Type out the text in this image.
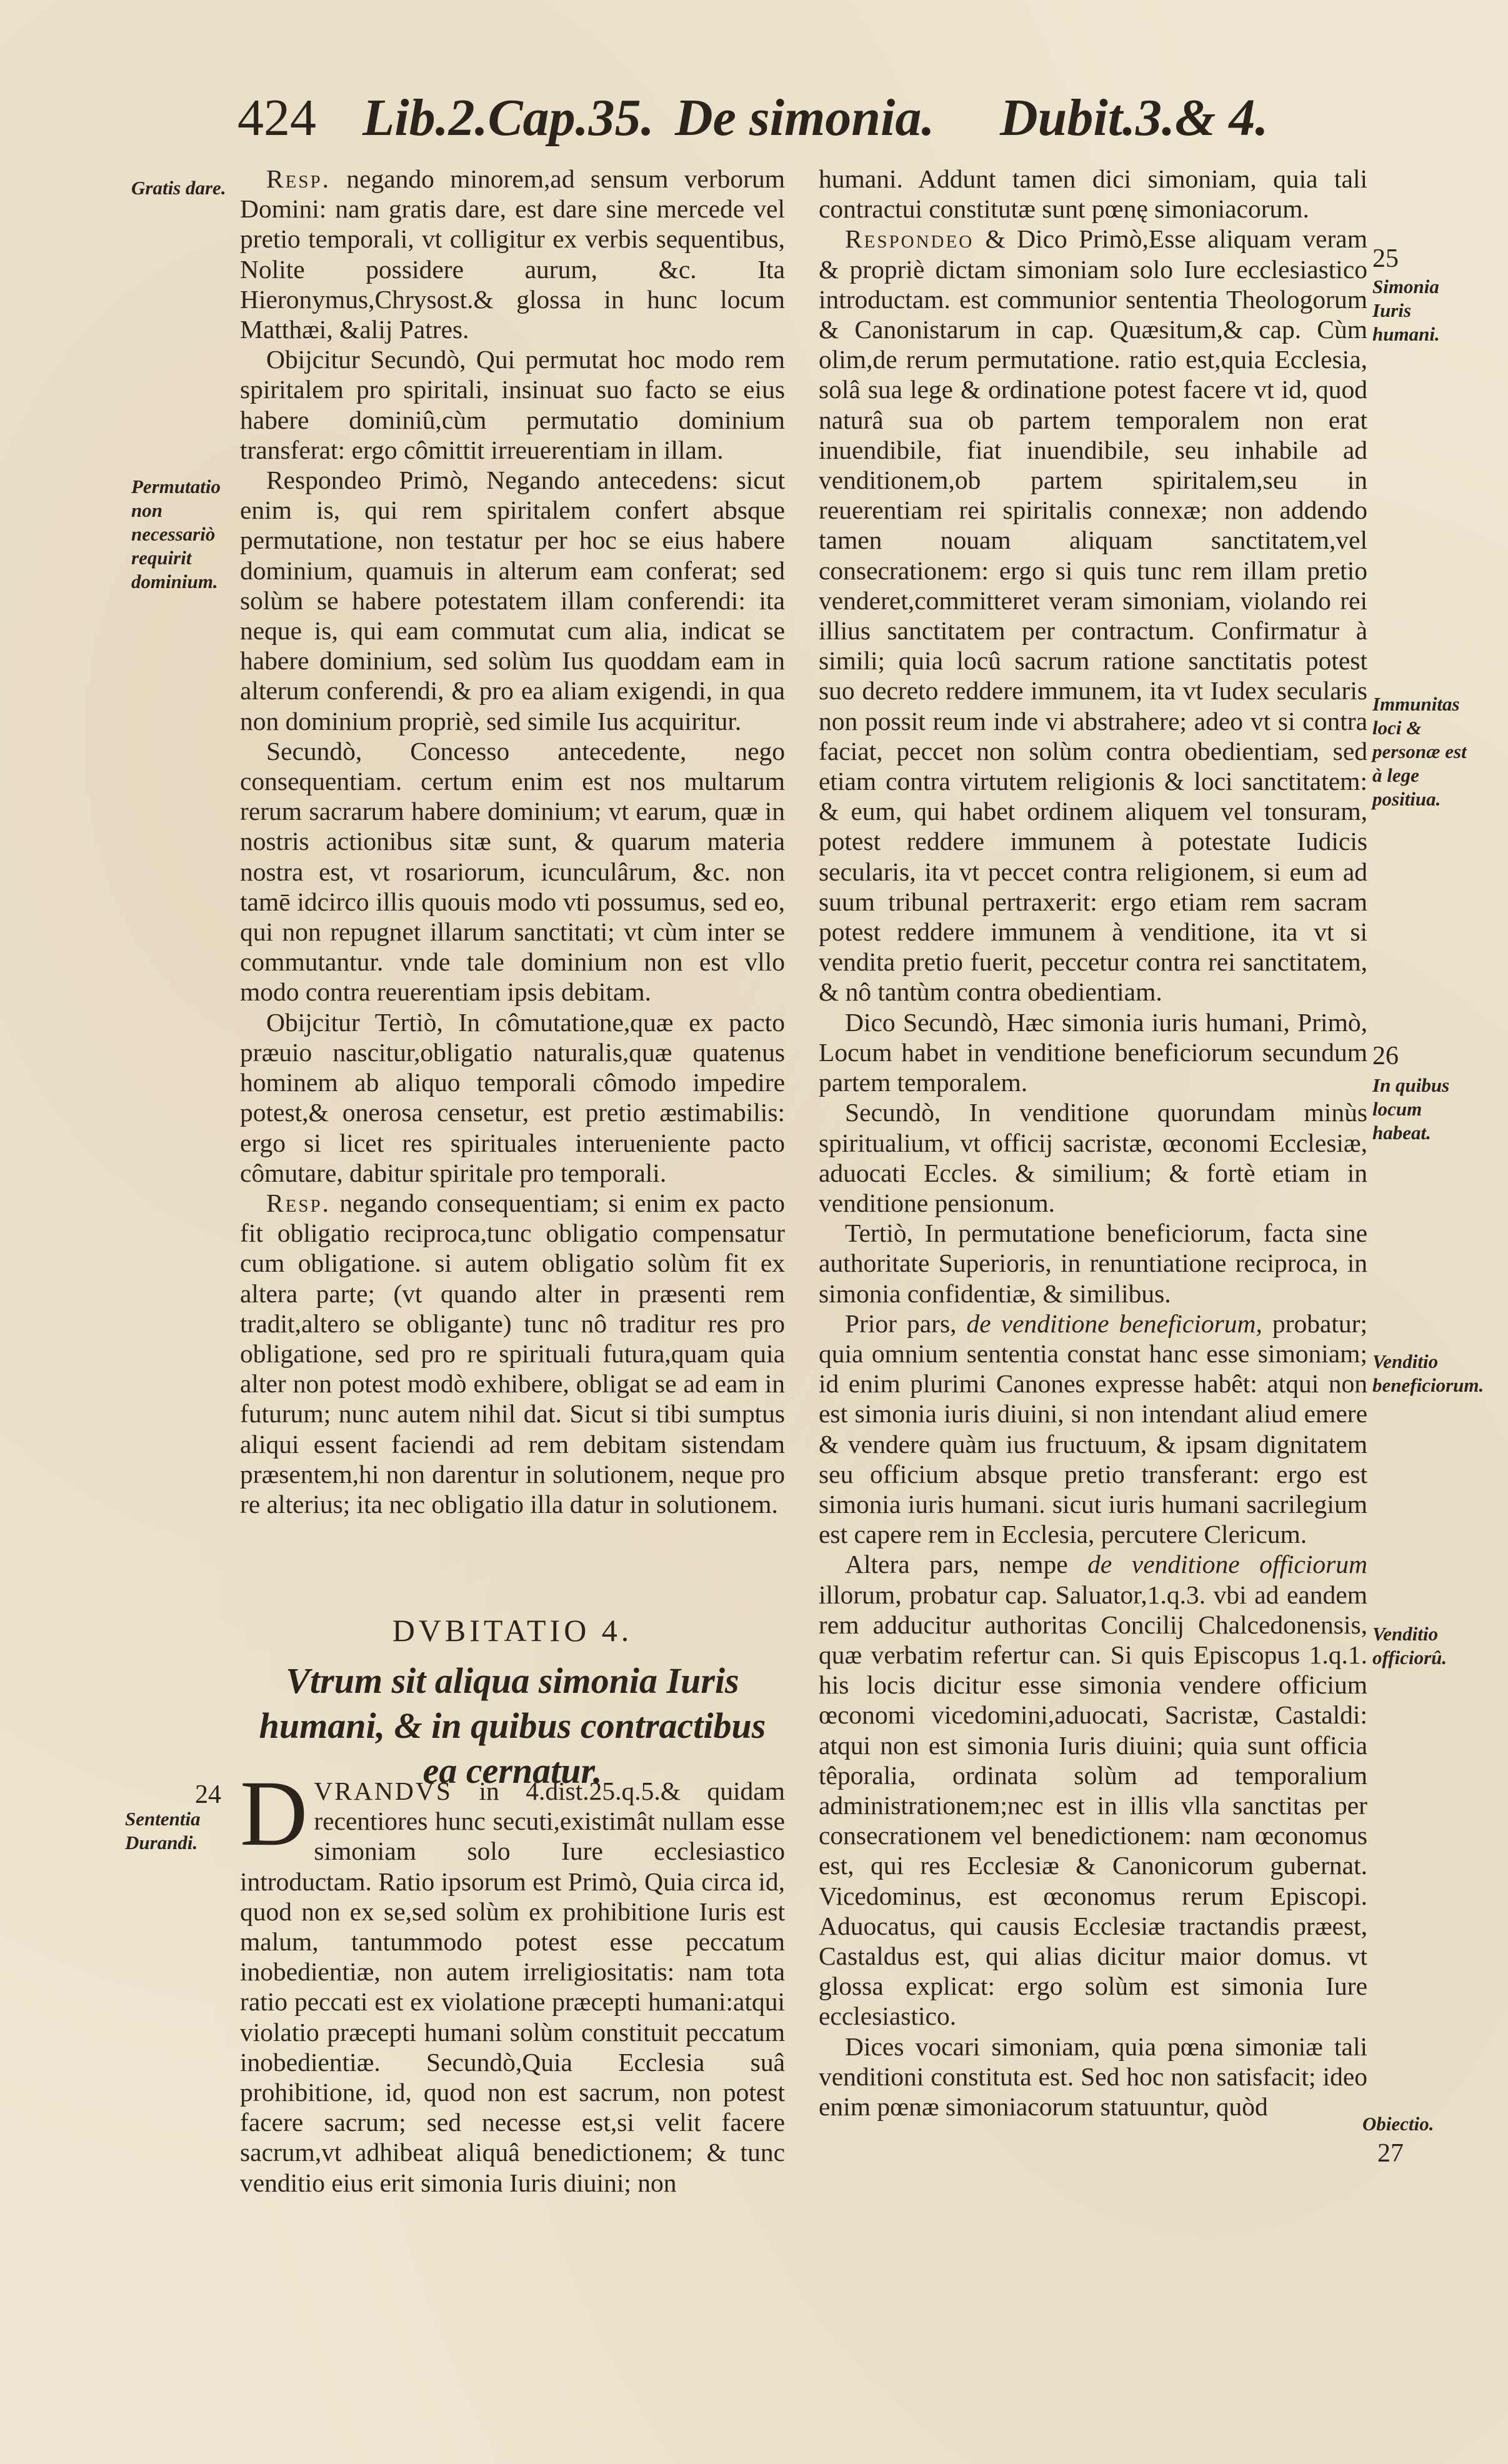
424 Lib.2.Cap.35. De simonia. Dubit.3.& 4.
Gratis dare.
Permutatio non necessariò requirit dominium.
24
Sententia Durandi.
25
Simonia Iuris humani.
Immunitas loci & personæ est à lege positiua.
26
In quibus locum habeat.
Venditio beneficiorum.
Venditio officiorû.
Obiectio.
27

Resp. negando minorem,ad sensum verborum Domini: nam gratis dare, est dare sine mercede vel pretio temporali, vt colligitur ex verbis sequentibus, Nolite possidere aurum, &c. Ita Hieronymus,Chrysost.& glossa in hunc locum Matthæi, &alij Patres.

Obijcitur Secundò, Qui permutat hoc modo rem spiritalem pro spiritali, insinuat suo facto se eius habere dominiû,cùm permutatio dominium transferat: ergo cômittit irreuerentiam in illam.

Respondeo Primò, Negando antecedens: sicut enim is, qui rem spiritalem confert absque permutatione, non testatur per hoc se eius habere dominium, quamuis in alterum eam conferat; sed solùm se habere potestatem illam conferendi: ita neque is, qui eam commutat cum alia, indicat se habere dominium, sed solùm Ius quoddam eam in alterum conferendi, & pro ea aliam exigendi, in qua non dominium propriè, sed simile Ius acquiritur.

Secundò, Concesso antecedente, nego consequentiam. certum enim est nos multarum rerum sacrarum habere dominium; vt earum, quæ in nostris actionibus sitæ sunt, & quarum materia nostra est, vt rosariorum, icunculârum, &c. non tamē idcirco illis quouis modo vti possumus, sed eo, qui non repugnet illarum sanctitati; vt cùm inter se commutantur. vnde tale dominium non est vllo modo contra reuerentiam ipsis debitam.

Obijcitur Tertiò, In cômutatione,quæ ex pacto præuio nascitur,obligatio naturalis,quæ quatenus hominem ab aliquo temporali cômodo impedire potest,& onerosa censetur, est pretio æstimabilis: ergo si licet res spirituales interueniente pacto cômutare, dabitur spiritale pro temporali.

Resp. negando consequentiam; si enim ex pacto fit obligatio reciproca,tunc obligatio compensatur cum obligatione. si autem obligatio solùm fit ex altera parte; (vt quando alter in præsenti rem tradit,altero se obligante) tunc nô traditur res pro obligatione, sed pro re spirituali futura,quam quia alter non potest modò exhibere, obligat se ad eam in futurum; nunc autem nihil dat. Sicut si tibi sumptus aliqui essent faciendi ad rem debitam sistendam præsentem,hi non darentur in solutionem, neque pro re alterius; ita nec obligatio illa datur in solutionem.

DVBITATIO 4.
Vtrum sit aliqua simonia Iuris humani, & in quibus contractibus ea cernatur.

DVRANDVS in 4.dist.25.q.5.& quidam recentiores hunc secuti,existimât nullam esse simoniam solo Iure ecclesiastico introductam. Ratio ipsorum est Primò, Quia circa id, quod non ex se,sed solùm ex prohibitione Iuris est malum, tantummodo potest esse peccatum inobedientiæ, non autem irreligiositatis: nam tota ratio peccati est ex violatione præcepti humani:atqui violatio præcepti humani solùm constituit peccatum inobedientiæ. Secundò,Quia Ecclesia suâ prohibitione, id, quod non est sacrum, non potest facere sacrum; sed necesse est,si velit facere sacrum,vt adhibeat aliquâ benedictionem; & tunc venditio eius erit simonia Iuris diuini; non

humani. Addunt tamen dici simoniam, quia tali contractui constitutæ sunt pœnę simoniacorum.

Respondeo & Dico Primò,Esse aliquam veram & propriè dictam simoniam solo Iure ecclesiastico introductam. est communior sententia Theologorum & Canonistarum in cap. Quæsitum,& cap. Cùm olim,de rerum permutatione. ratio est,quia Ecclesia, solâ sua lege & ordinatione potest facere vt id, quod naturâ sua ob partem temporalem non erat inuendibile, fiat inuendibile, seu inhabile ad venditionem,ob partem spiritalem,seu in reuerentiam rei spiritalis connexæ; non addendo tamen nouam aliquam sanctitatem,vel consecrationem: ergo si quis tunc rem illam pretio venderet,committeret veram simoniam, violando rei illius sanctitatem per contractum. Confirmatur à simili; quia locû sacrum ratione sanctitatis potest suo decreto reddere immunem, ita vt Iudex secularis non possit reum inde vi abstrahere; adeo vt si contra faciat, peccet non solùm contra obedientiam, sed etiam contra virtutem religionis & loci sanctitatem: & eum, qui habet ordinem aliquem vel tonsuram, potest reddere immunem à potestate Iudicis secularis, ita vt peccet contra religionem, si eum ad suum tribunal pertraxerit: ergo etiam rem sacram potest reddere immunem à venditione, ita vt si vendita pretio fuerit, peccetur contra rei sanctitatem, & nô tantùm contra obedientiam.

Dico Secundò, Hæc simonia iuris humani, Primò, Locum habet in venditione beneficiorum secundum partem temporalem.

Secundò, In venditione quorundam minùs spiritualium, vt officij sacristæ, œconomi Ecclesiæ, aduocati Eccles. & similium; & fortè etiam in venditione pensionum.

Tertiò, In permutatione beneficiorum, facta sine authoritate Superioris, in renuntiatione reciproca, in simonia confidentiæ, & similibus.

Prior pars, de venditione beneficiorum, probatur; quia omnium sententia constat hanc esse simoniam; id enim plurimi Canones expresse habêt: atqui non est simonia iuris diuini, si non intendant aliud emere & vendere quàm ius fructuum, & ipsam dignitatem seu officium absque pretio transferant: ergo est simonia iuris humani. sicut iuris humani sacrilegium est capere rem in Ecclesia, percutere Clericum.

Altera pars, nempe de venditione officiorum illorum, probatur cap. Saluator,1.q.3. vbi ad eandem rem adducitur authoritas Concilij Chalcedonensis, quæ verbatim refertur can. Si quis Episcopus 1.q.1. his locis dicitur esse simonia vendere officium œconomi vicedomini,aduocati, Sacristæ, Castaldi: atqui non est simonia Iuris diuini; quia sunt officia têporalia, ordinata solùm ad temporalium administrationem;nec est in illis vlla sanctitas per consecrationem vel benedictionem: nam œconomus est, qui res Ecclesiæ & Canonicorum gubernat. Vicedominus, est œconomus rerum Episcopi. Aduocatus, qui causis Ecclesiæ tractandis præest, Castaldus est, qui alias dicitur maior domus. vt glossa explicat: ergo solùm est simonia Iure ecclesiastico.

Dices vocari simoniam, quia pœna simoniæ tali venditioni constituta est. Sed hoc non satisfacit; ideo enim pœnæ simoniacorum statuuntur, quòd
